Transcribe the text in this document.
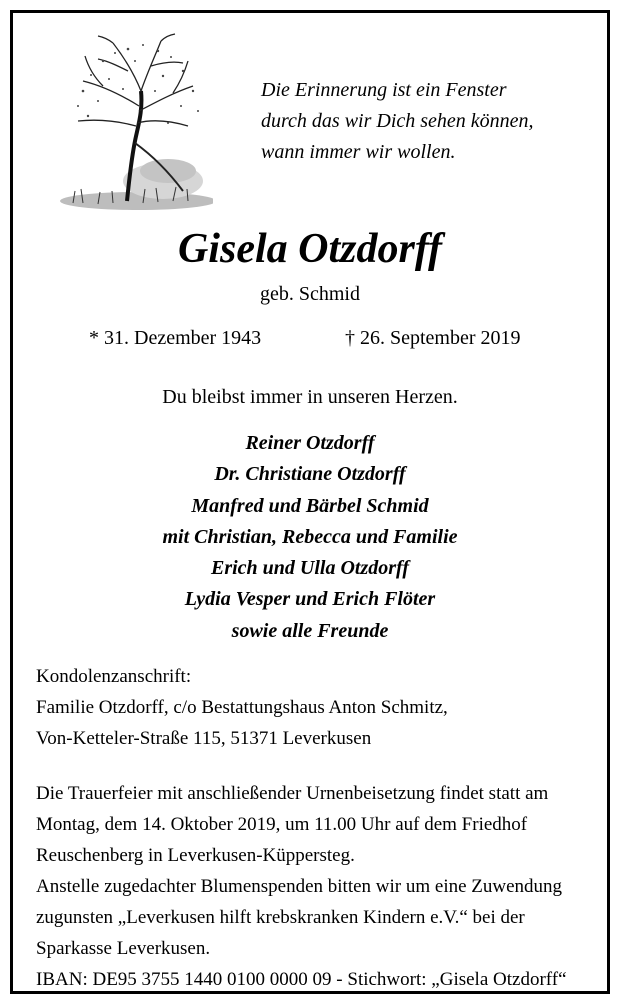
Die Erinnerung ist ein Fenster
durch das wir Dich sehen können,
wann immer wir wollen.
Gisela Otzdorff
geb. Schmid
* 31. Dezember 1943	† 26. September 2019
Du bleibst immer in unseren Herzen.
Reiner Otzdorff
Dr. Christiane Otzdorff
Manfred und Bärbel Schmid
mit Christian, Rebecca und Familie
Erich und Ulla Otzdorff
Lydia Vesper und Erich Flöter
sowie alle Freunde
Kondolenzanschrift:
Familie Otzdorff, c/o Bestattungshaus Anton Schmitz,
Von-Ketteler-Straße 115, 51371 Leverkusen
Die Trauerfeier mit anschließender Urnenbeisetzung findet statt am
Montag, dem 14. Oktober 2019, um 11.00 Uhr auf dem Friedhof
Reuschenberg in Leverkusen-Küppersteg.
Anstelle zugedachter Blumenspenden bitten wir um eine Zuwendung
zugunsten „Leverkusen hilft krebskranken Kindern e.V.“ bei der
Sparkasse Leverkusen.
IBAN: DE95 3755 1440 0100 0000 09 - Stichwort: „Gisela Otzdorff“
